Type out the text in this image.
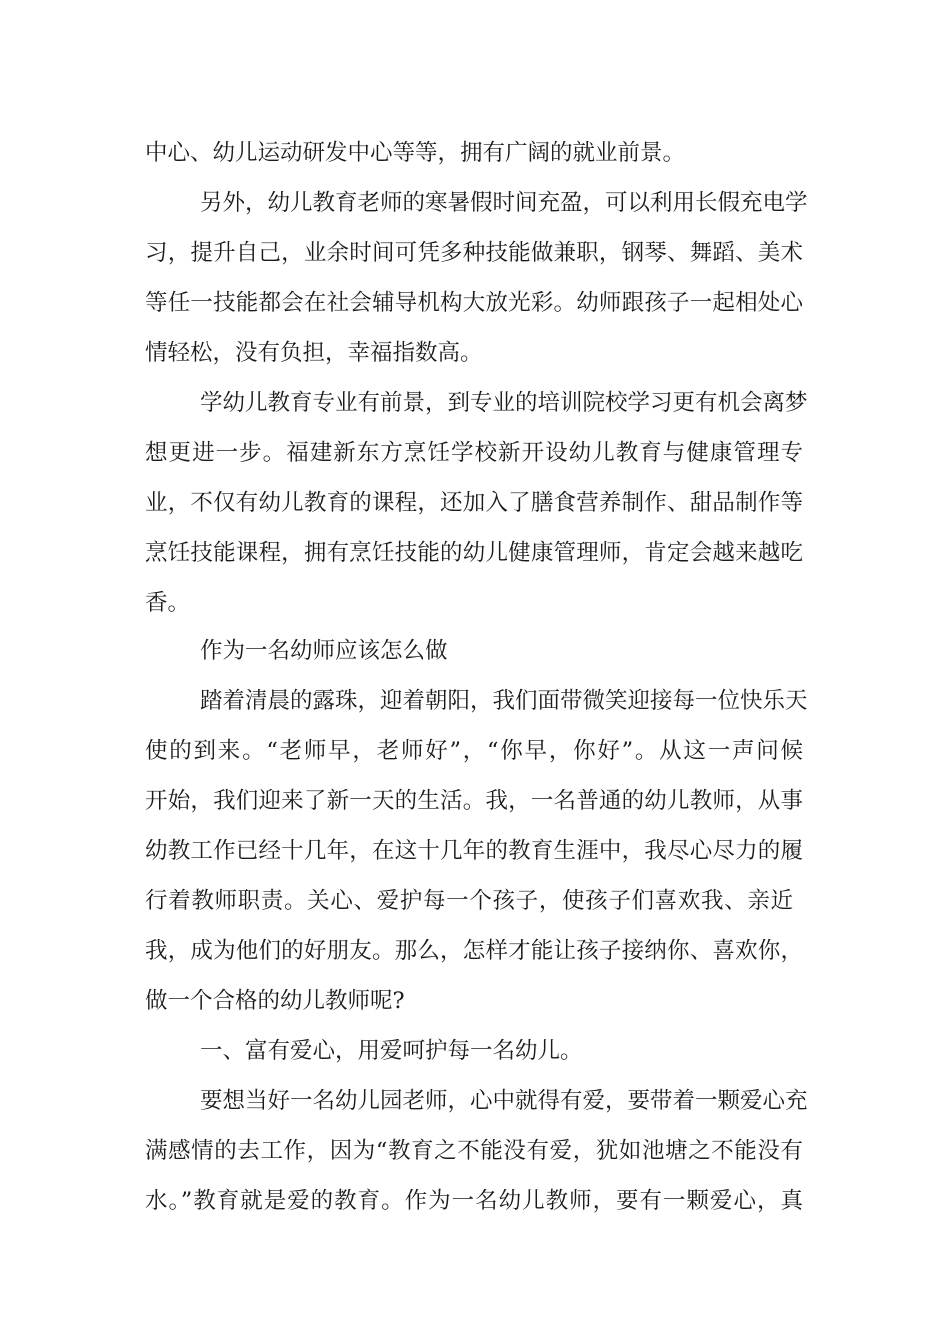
中心、幼儿运动研发中心等等，拥有广阔的就业前景。

另外，幼儿教育老师的寒暑假时间充盈，可以利用长假充电学

习，提升自己，业余时间可凭多种技能做兼职，钢琴、舞蹈、美术

等任一技能都会在社会辅导机构大放光彩。幼师跟孩子一起相处心

情轻松，没有负担，幸福指数高。

学幼儿教育专业有前景，到专业的培训院校学习更有机会离梦

想更进一步。福建新东方烹饪学校新开设幼儿教育与健康管理专

业，不仅有幼儿教育的课程，还加入了膳食营养制作、甜品制作等

烹饪技能课程，拥有烹饪技能的幼儿健康管理师，肯定会越来越吃

香。

作为一名幼师应该怎么做

踏着清晨的露珠，迎着朝阳，我们面带微笑迎接每一位快乐天

使的到来。“老师早，老师好”，“你早，你好”。从这一声问候

开始，我们迎来了新一天的生活。我，一名普通的幼儿教师，从事

幼教工作已经十几年，在这十几年的教育生涯中，我尽心尽力的履

行着教师职责。关心、爱护每一个孩子，使孩子们喜欢我、亲近

我，成为他们的好朋友。那么，怎样才能让孩子接纳你、喜欢你，

做一个合格的幼儿教师呢?

一、富有爱心，用爱呵护每一名幼儿。

要想当好一名幼儿园老师，心中就得有爱，要带着一颗爱心充

满感情的去工作，因为“教育之不能没有爱，犹如池塘之不能没有

水。”教育就是爱的教育。作为一名幼儿教师，要有一颗爱心，真
